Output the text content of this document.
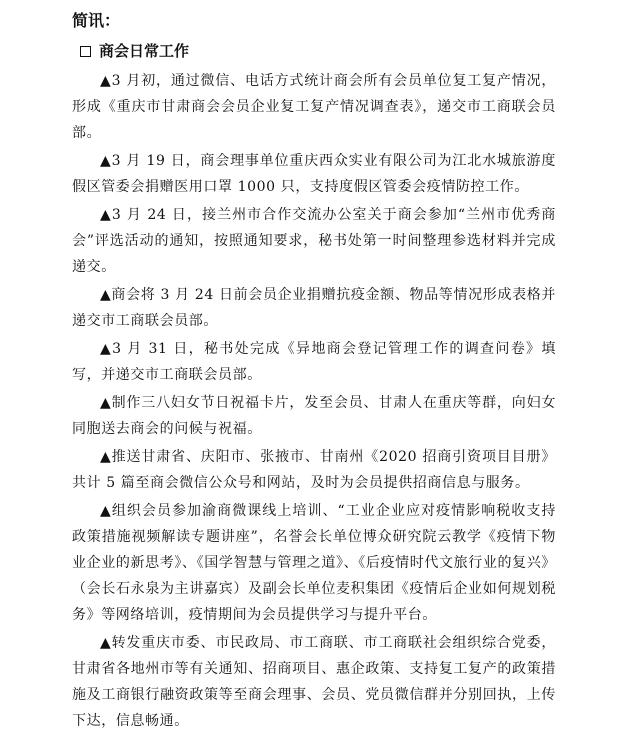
简讯：
商会日常工作

▲3 月初，通过微信、电话方式统计商会所有会员单位复工复产情况，形成《重庆市甘肃商会会员企业复工复产情况调查表》，递交市工商联会员部。

▲3 月 19 日，商会理事单位重庆西众实业有限公司为江北水城旅游度假区管委会捐赠医用口罩 1000 只，支持度假区管委会疫情防控工作。

▲3 月 24 日，接兰州市合作交流办公室关于商会参加“兰州市优秀商会”评选活动的通知，按照通知要求，秘书处第一时间整理参选材料并完成递交。

▲商会将 3 月 24 日前会员企业捐赠抗疫金额、物品等情况形成表格并递交市工商联会员部。

▲3 月 31 日，秘书处完成《异地商会登记管理工作的调查问卷》填写，并递交市工商联会员部。

▲制作三八妇女节日祝福卡片，发至会员、甘肃人在重庆等群，向妇女同胞送去商会的问候与祝福。

▲推送甘肃省、庆阳市、张掖市、甘南州《2020 招商引资项目目册》共计 5 篇至商会微信公众号和网站，及时为会员提供招商信息与服务。

▲组织会员参加渝商微课线上培训、“工业企业应对疫情影响税收支持政策措施视频解读专题讲座”，名誉会长单位博众研究院云教学《疫情下物业企业的新思考》、《国学智慧与管理之道》、《后疫情时代文旅行业的复兴》（会长石永泉为主讲嘉宾）及副会长单位麦积集团《疫情后企业如何规划税务》等网络培训，疫情期间为会员提供学习与提升平台。

▲转发重庆市委、市民政局、市工商联、市工商联社会组织综合党委，甘肃省各地州市等有关通知、招商项目、惠企政策、支持复工复产的政策措施及工商银行融资政策等至商会理事、会员、党员微信群并分别回执，上传下达，信息畅通。
